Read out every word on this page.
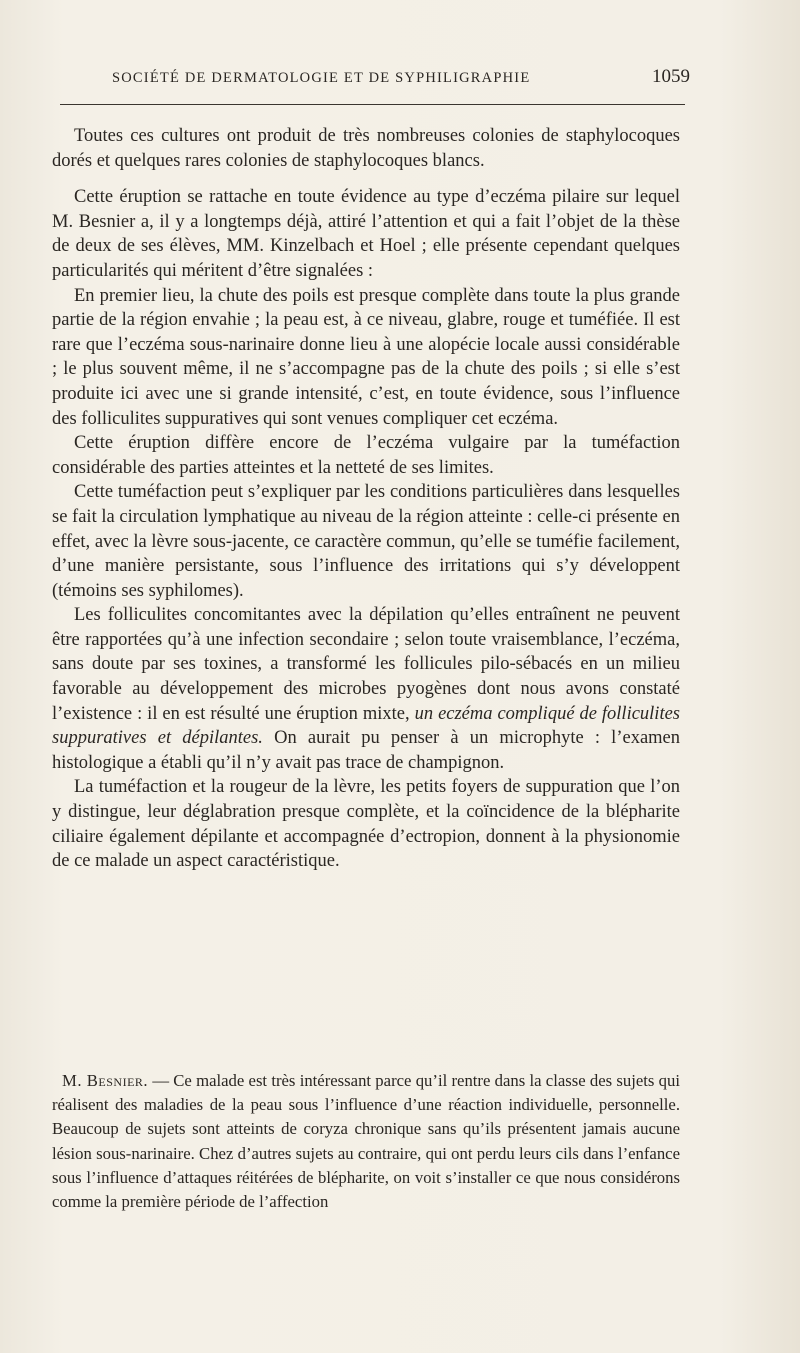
SOCIÉTÉ DE DERMATOLOGIE ET DE SYPHILIGRAPHIE	1059

Toutes ces cultures ont produit de très nombreuses colonies de staphylocoques dorés et quelques rares colonies de staphylocoques blancs.

Cette éruption se rattache en toute évidence au type d’eczéma pilaire sur lequel M. Besnier a, il y a longtemps déjà, attiré l’attention et qui a fait l’objet de la thèse de deux de ses élèves, MM. Kinzelbach et Hoel ; elle présente cependant quelques particularités qui méritent d’être signalées :

En premier lieu, la chute des poils est presque complète dans toute la plus grande partie de la région envahie ; la peau est, à ce niveau, glabre, rouge et tuméfiée. Il est rare que l’eczéma sous-narinaire donne lieu à une alopécie locale aussi considérable ; le plus souvent même, il ne s’accompagne pas de la chute des poils ; si elle s’est produite ici avec une si grande intensité, c’est, en toute évidence, sous l’influence des folliculites suppuratives qui sont venues compliquer cet eczéma.

Cette éruption diffère encore de l’eczéma vulgaire par la tuméfaction considérable des parties atteintes et la netteté de ses limites.

Cette tuméfaction peut s’expliquer par les conditions particulières dans lesquelles se fait la circulation lymphatique au niveau de la région atteinte : celle-ci présente en effet, avec la lèvre sous-jacente, ce caractère commun, qu’elle se tuméfie facilement, d’une manière persistante, sous l’influence des irritations qui s’y développent (témoins ses syphilomes).

Les folliculites concomitantes avec la dépilation qu’elles entraînent ne peuvent être rapportées qu’à une infection secondaire ; selon toute vraisemblance, l’eczéma, sans doute par ses toxines, a transformé les follicules pilo-sébacés en un milieu favorable au développement des microbes pyogènes dont nous avons constaté l’existence : il en est résulté une éruption mixte, un eczéma compliqué de folliculites suppuratives et dépilantes. On aurait pu penser à un microphyte : l’examen histologique a établi qu’il n’y avait pas trace de champignon.

La tuméfaction et la rougeur de la lèvre, les petits foyers de suppuration que l’on y distingue, leur déglabration presque complète, et la coïncidence de la blépharite ciliaire également dépilante et accompagnée d’ectropion, donnent à la physionomie de ce malade un aspect caractéristique.

M. Besnier. — Ce malade est très intéressant parce qu’il rentre dans la classe des sujets qui réalisent des maladies de la peau sous l’influence d’une réaction individuelle, personnelle. Beaucoup de sujets sont atteints de coryza chronique sans qu’ils présentent jamais aucune lésion sous-narinaire. Chez d’autres sujets au contraire, qui ont perdu leurs cils dans l’enfance sous l’influence d’attaques réitérées de blépharite, on voit s’installer ce que nous considérons comme la première période de l’affection
